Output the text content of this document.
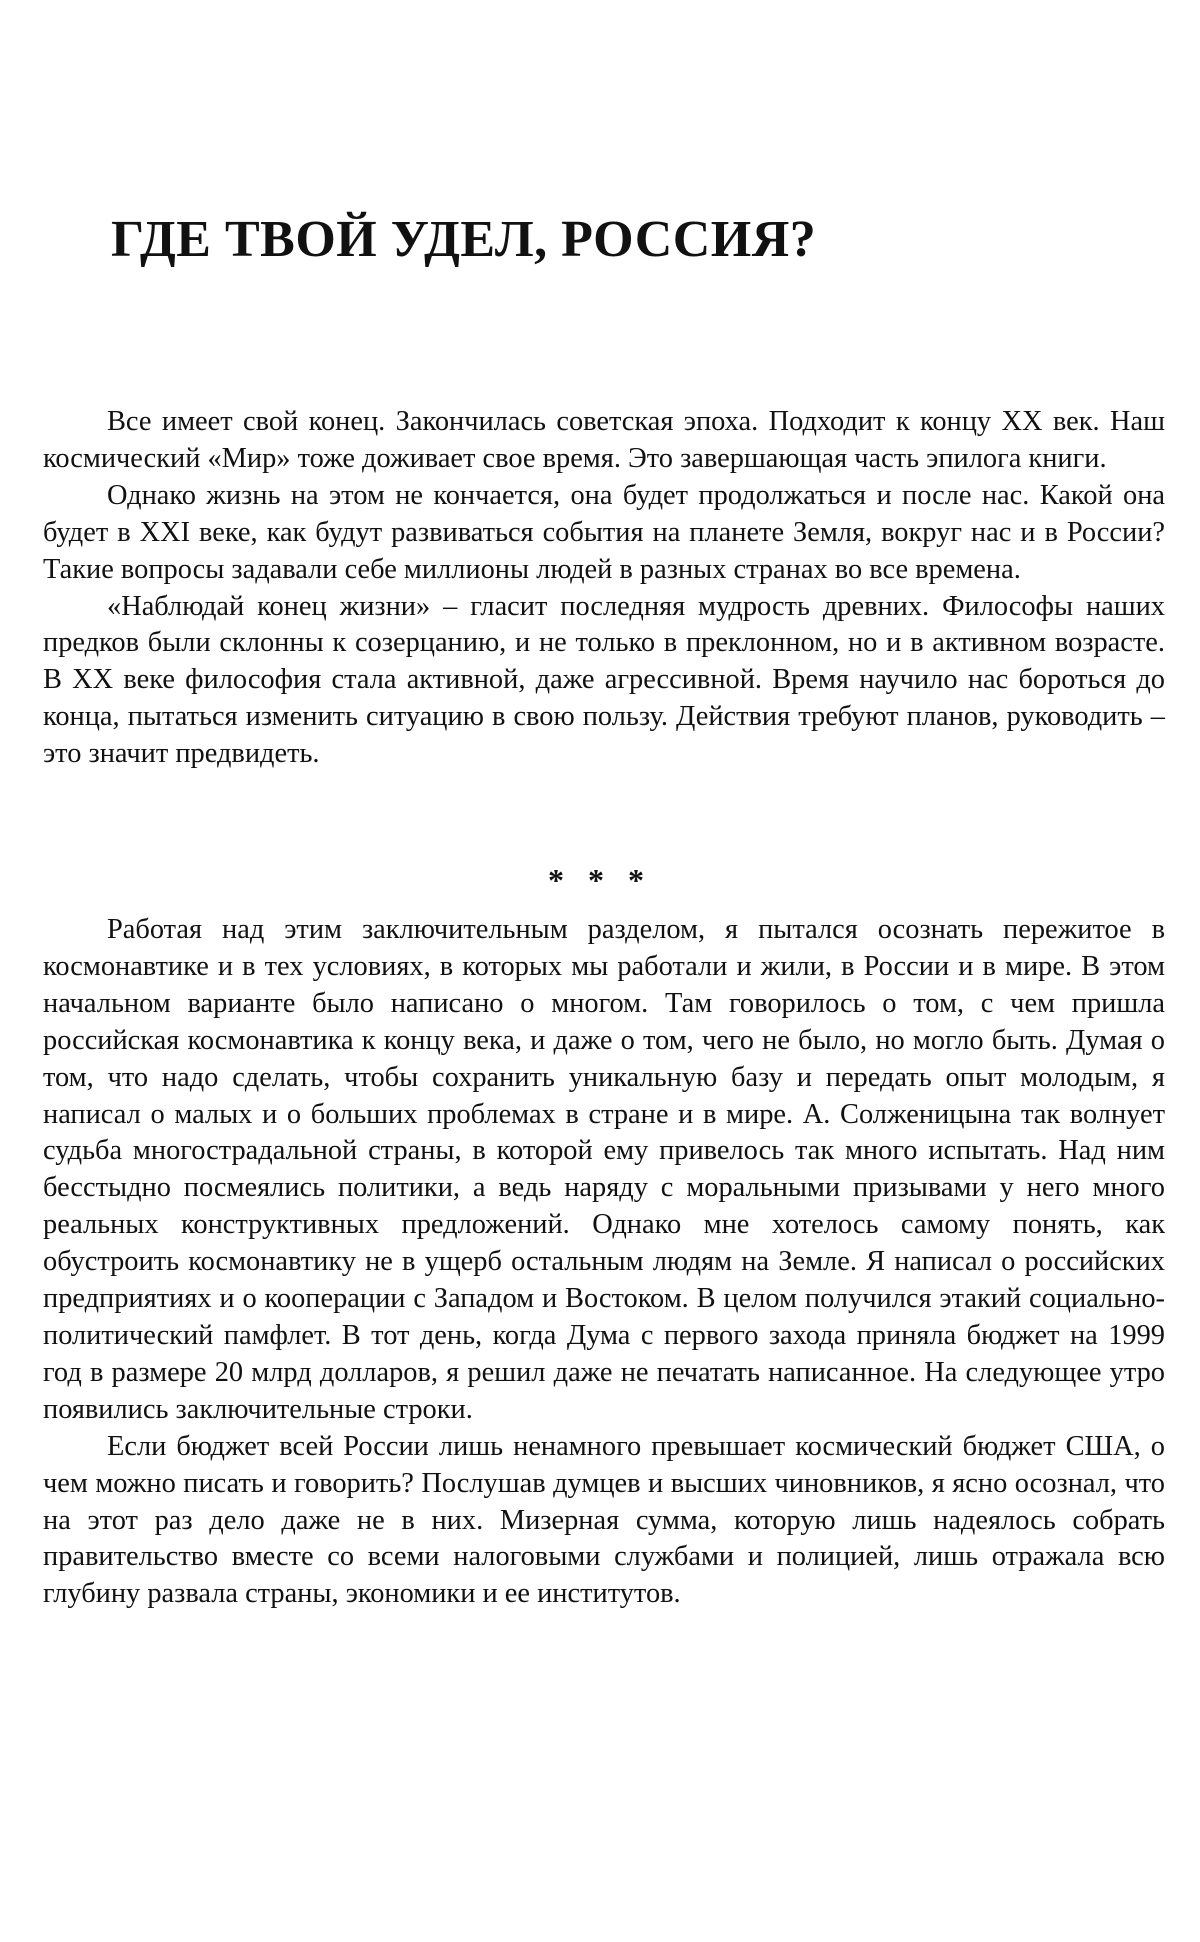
ГДЕ ТВОЙ УДЕЛ, РОССИЯ?

Все имеет свой конец. Закончилась советская эпоха. Подходит к концу XX век. Наш космический «Мир» тоже доживает свое время. Это завершающая часть эпилога книги.

Однако жизнь на этом не кончается, она будет продолжаться и после нас. Какой она будет в XXI веке, как будут развиваться события на планете Земля, вокруг нас и в России? Такие вопросы задавали себе миллионы людей в разных странах во все времена.

«Наблюдай конец жизни» – гласит последняя мудрость древних. Философы наших предков были склонны к созерцанию, и не только в преклонном, но и в активном возрасте. В XX веке философия стала активной, даже агрессивной. Время научило нас бороться до конца, пытаться изменить ситуацию в свою пользу. Действия требуют планов, руководить – это значит предвидеть.

* * *

Работая над этим заключительным разделом, я пытался осознать пережитое в космонавтике и в тех условиях, в которых мы работали и жили, в России и в мире. В этом начальном варианте было написано о многом. Там говорилось о том, с чем пришла российская космонавтика к концу века, и даже о том, чего не было, но могло быть. Думая о том, что надо сделать, чтобы сохранить уникальную базу и передать опыт молодым, я написал о малых и о больших проблемах в стране и в мире. А. Солженицына так волнует судьба многострадальной страны, в которой ему привелось так много испытать. Над ним бесстыдно посмеялись политики, а ведь наряду с моральными призывами у него много реальных конструктивных предложений. Однако мне хотелось самому понять, как обустроить космонавтику не в ущерб остальным людям на Земле. Я написал о российских предприятиях и о кооперации с Западом и Востоком. В целом получился этакий социально-политический памфлет. В тот день, когда Дума с первого захода приняла бюджет на 1999 год в размере 20 млрд долларов, я решил даже не печатать написанное. На следующее утро появились заключительные строки.

Если бюджет всей России лишь ненамного превышает космический бюджет США, о чем можно писать и говорить? Послушав думцев и высших чиновников, я ясно осознал, что на этот раз дело даже не в них. Мизерная сумма, которую лишь надеялось собрать правительство вместе со всеми налоговыми службами и полицией, лишь отражала всю глубину развала страны, экономики и ее институтов.
